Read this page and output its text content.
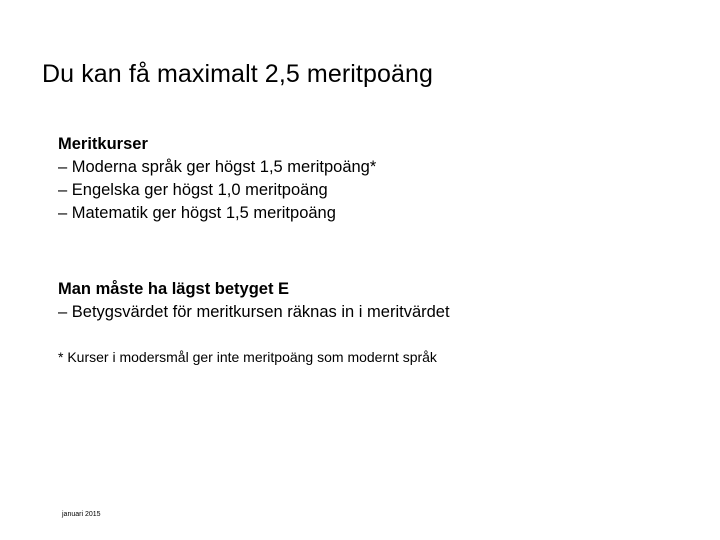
Du kan få maximalt 2,5 meritpoäng
Meritkurser
– Moderna språk ger högst 1,5 meritpoäng*
– Engelska ger högst 1,0 meritpoäng
– Matematik ger högst 1,5 meritpoäng
Man måste ha lägst betyget E
– Betygsvärdet för meritkursen räknas in i meritvärdet
* Kurser i modersmål ger inte meritpoäng som modernt språk
januari 2015
